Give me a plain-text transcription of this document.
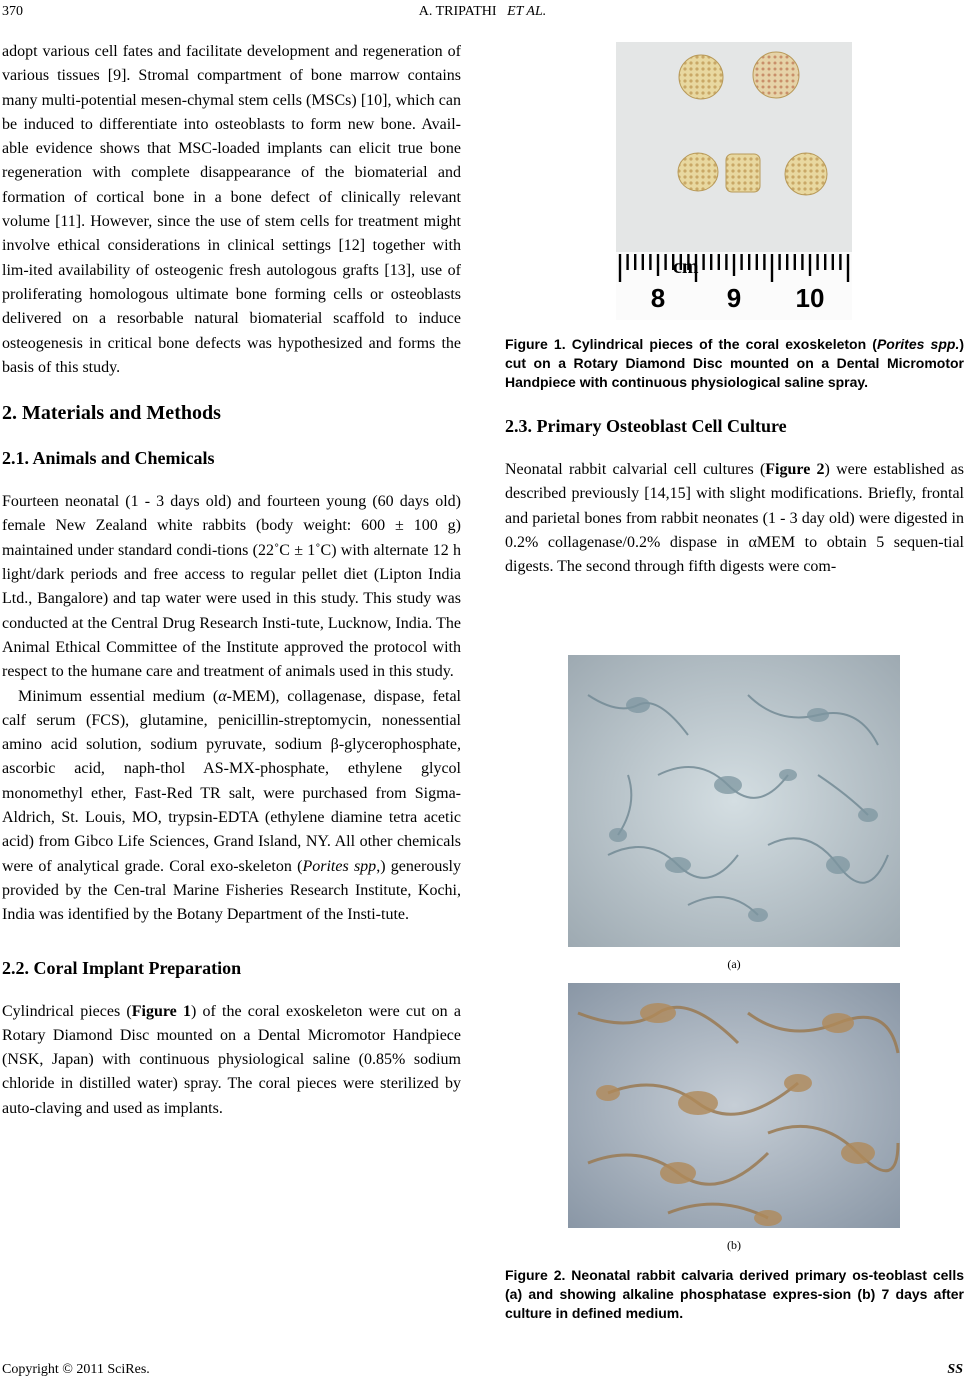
370	A. TRIPATHI ET AL.

adopt various cell fates and facilitate development and regeneration of various tissues [9]. Stromal compartment of bone marrow contains many multi-potential mesen-chymal stem cells (MSCs) [10], which can be induced to differentiate into osteoblasts to form new bone. Avail-able evidence shows that MSC-loaded implants can elicit true bone regeneration with complete disappearance of the biomaterial and formation of cortical bone in a bone defect of clinically relevant volume [11]. However, since the use of stem cells for treatment might involve ethical considerations in clinical settings [12] together with lim-ited availability of osteogenic fresh autologous grafts [13], use of proliferating homologous ultimate bone forming cells or osteoblasts delivered on a resorbable natural biomaterial scaffold to induce osteogenesis in critical bone defects was hypothesized and forms the basis of this study.

2. Materials and Methods
2.1. Animals and Chemicals

Fourteen neonatal (1 - 3 days old) and fourteen young (60 days old) female New Zealand white rabbits (body weight: 600 ± 100 g) maintained under standard condi-tions (22˚C ± 1˚C) with alternate 12 h light/dark periods and free access to regular pellet diet (Lipton India Ltd., Bangalore) and tap water were used in this study. This study was conducted at the Central Drug Research Insti-tute, Lucknow, India. The Animal Ethical Committee of the Institute approved the protocol with respect to the humane care and treatment of animals used in this study.

Minimum essential medium (α-MEM), collagenase, dispase, fetal calf serum (FCS), glutamine, penicillin-streptomycin, nonessential amino acid solution, sodium pyruvate, sodium β-glycerophosphate, ascorbic acid, naph-thol AS-MX-phosphate, ethylene glycol monomethyl ether, Fast-Red TR salt, were purchased from Sigma-Aldrich, St. Louis, MO, trypsin-EDTA (ethylene diamine tetra acetic acid) from Gibco Life Sciences, Grand Island, NY. All other chemicals were of analytical grade. Coral exo-skeleton (Porites spp,) generously provided by the Cen-tral Marine Fisheries Research Institute, Kochi, India was identified by the Botany Department of the Insti-tute.

2.2. Coral Implant Preparation

Cylindrical pieces (Figure 1) of the coral exoskeleton were cut on a Rotary Diamond Disc mounted on a Dental Micromotor Handpiece (NSK, Japan) with continuous physiological saline (0.85% sodium chloride in distilled water) spray. The coral pieces were sterilized by auto-claving and used as implants.

cm
8 9 10

Figure 1. Cylindrical pieces of the coral exoskeleton (Porites spp.) cut on a Rotary Diamond Disc mounted on a Dental Micromotor Handpiece with continuous physiological saline spray.

2.3. Primary Osteoblast Cell Culture

Neonatal rabbit calvarial cell cultures (Figure 2) were established as described previously [14,15] with slight modifications. Briefly, frontal and parietal bones from rabbit neonates (1 - 3 day old) were digested in 0.2% collagenase/0.2% dispase in αMEM to obtain 5 sequen-tial digests. The second through fifth digests were com-

(a)
(b)

Figure 2. Neonatal rabbit calvaria derived primary os-teoblast cells (a) and showing alkaline phosphatase expres-sion (b) 7 days after culture in defined medium.

Copyright © 2011 SciRes.	SS
